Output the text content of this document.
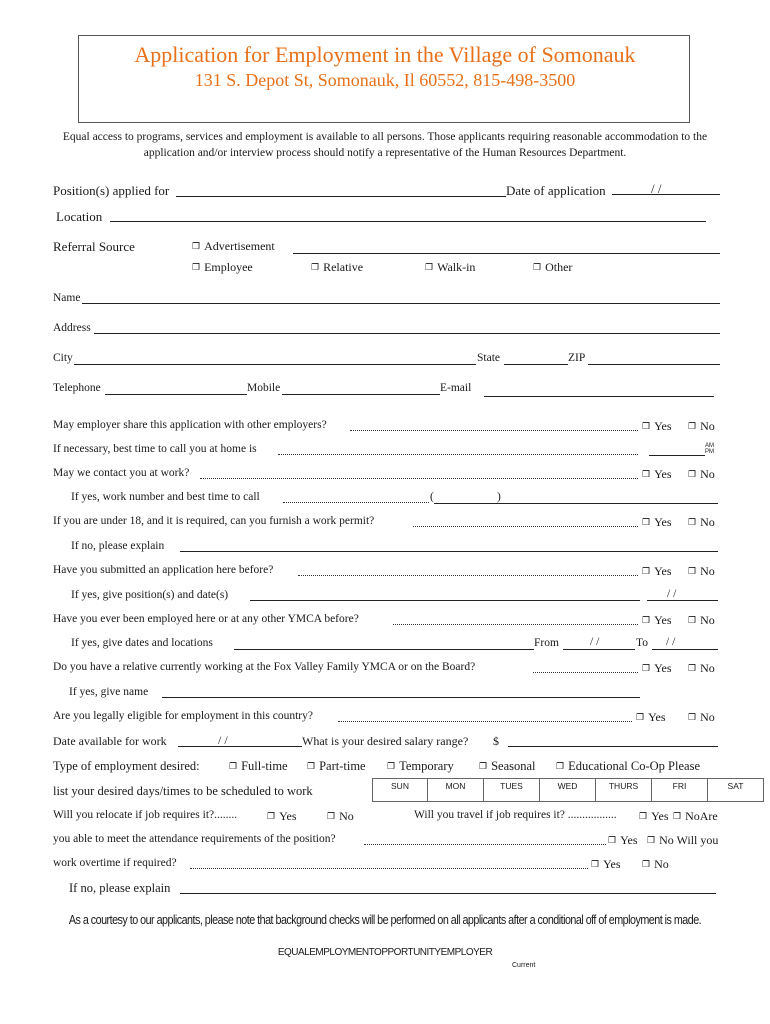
Application for Employment in the Village of Somonauk
131 S. Depot St, Somonauk, Il 60552, 815-498-3500
Equal access to programs, services and employment is available to all persons. Those applicants requiring reasonable accommodation to the application and/or interview process should notify a representative of the Human Resources Department.
Position(s) applied for	Date of application	/ /
Location
Referral Source	❐ Advertisement
❐ Employee	❐ Relative	❐ Walk-in	❐ Other
Name
Address
City	State	ZIP
Telephone	Mobile	E-mail
May employer share this application with other employers?	❐ Yes ❐ No
If necessary, best time to call you at home is	AM
PM
May we contact you at work?	❐ Yes ❐ No
If yes, work number and best time to call	(	)
If you are under 18, and it is required, can you furnish a work permit?	❐ Yes ❐ No
If no, please explain
Have you submitted an application here before?	❐ Yes ❐ No
If yes, give position(s) and date(s)	/ /
Have you ever been employed here or at any other YMCA before?	❐ Yes ❐ No
If yes, give dates and locations	From	/ /	To / /
Do you have a relative currently working at the Fox Valley Family YMCA or on the Board?	❐ Yes ❐ No
If yes, give name
Are you legally eligible for employment in this country?	❐ Yes ❐ No
Date available for work	/ /	What is your desired salary range? $
Type of employment desired:	❐ Full-time ❐ Part-time ❐ Temporary	❐ Seasonal ❐ Educational Co-Op Please
list your desired days/times to be scheduled to work	SUN	MON	TUES	WED	THURS	FRI	SAT
Will you relocate if job requires it?........	❐ Yes	❐ No	Will you travel if job requires it? ................. ❐ Yes ❐ NoAre
you able to meet the attendance requirements of the position?	❐ Yes ❐ No Will you
work overtime if required?	❐ Yes ❐ No
If no, please explain
As a courtesy to our applicants, please note that background checks will be performed on all applicants after a conditional off of employment is made.
EQUALEMPLOYMENTOPPORTUNITYEMPLOYER
Current
